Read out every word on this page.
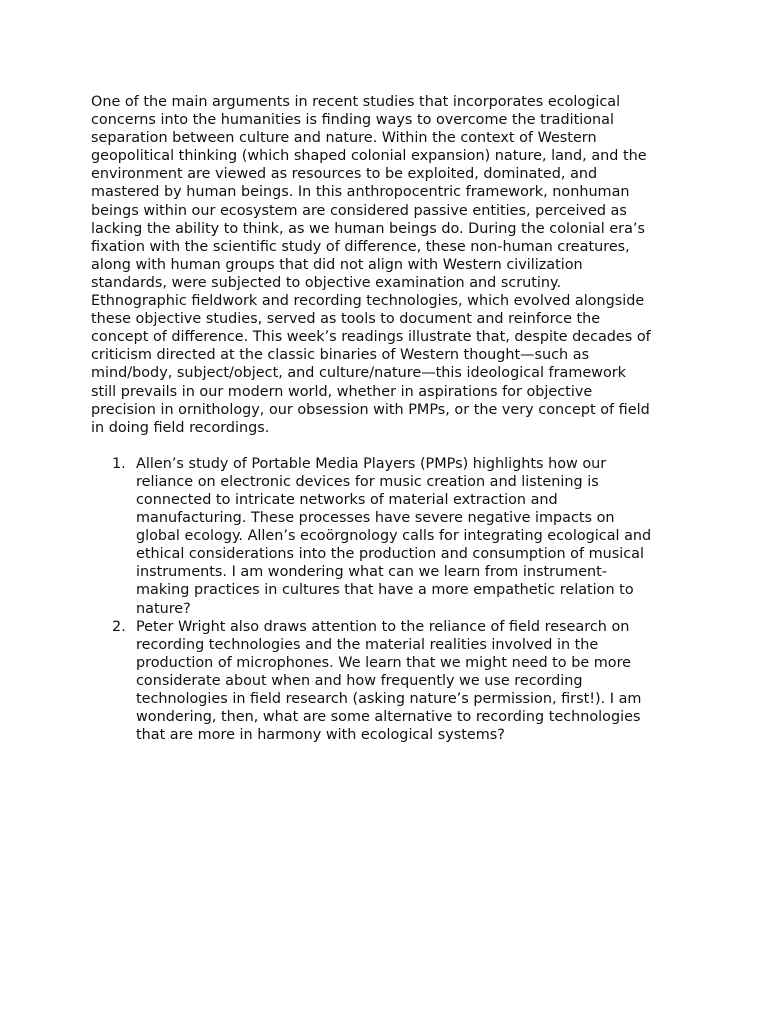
One of the main arguments in recent studies that incorporates ecological
concerns into the humanities is finding ways to overcome the traditional
separation between culture and nature. Within the context of Western
geopolitical thinking (which shaped colonial expansion) nature, land, and the
environment are viewed as resources to be exploited, dominated, and
mastered by human beings. In this anthropocentric framework, nonhuman
beings within our ecosystem are considered passive entities, perceived as
lacking the ability to think, as we human beings do. During the colonial era’s
fixation with the scientific study of difference, these non-human creatures,
along with human groups that did not align with Western civilization
standards, were subjected to objective examination and scrutiny.
Ethnographic fieldwork and recording technologies, which evolved alongside
these objective studies, served as tools to document and reinforce the
concept of difference. This week’s readings illustrate that, despite decades of
criticism directed at the classic binaries of Western thought—such as
mind/body, subject/object, and culture/nature—this ideological framework
still prevails in our modern world, whether in aspirations for objective
precision in ornithology, our obsession with PMPs, or the very concept of field
in doing field recordings.

1. Allen’s study of Portable Media Players (PMPs) highlights how our
reliance on electronic devices for music creation and listening is
connected to intricate networks of material extraction and
manufacturing. These processes have severe negative impacts on
global ecology. Allen’s ecoörgnology calls for integrating ecological and
ethical considerations into the production and consumption of musical
instruments. I am wondering what can we learn from instrument-
making practices in cultures that have a more empathetic relation to
nature?
2. Peter Wright also draws attention to the reliance of field research on
recording technologies and the material realities involved in the
production of microphones. We learn that we might need to be more
considerate about when and how frequently we use recording
technologies in field research (asking nature’s permission, first!). I am
wondering, then, what are some alternative to recording technologies
that are more in harmony with ecological systems?
